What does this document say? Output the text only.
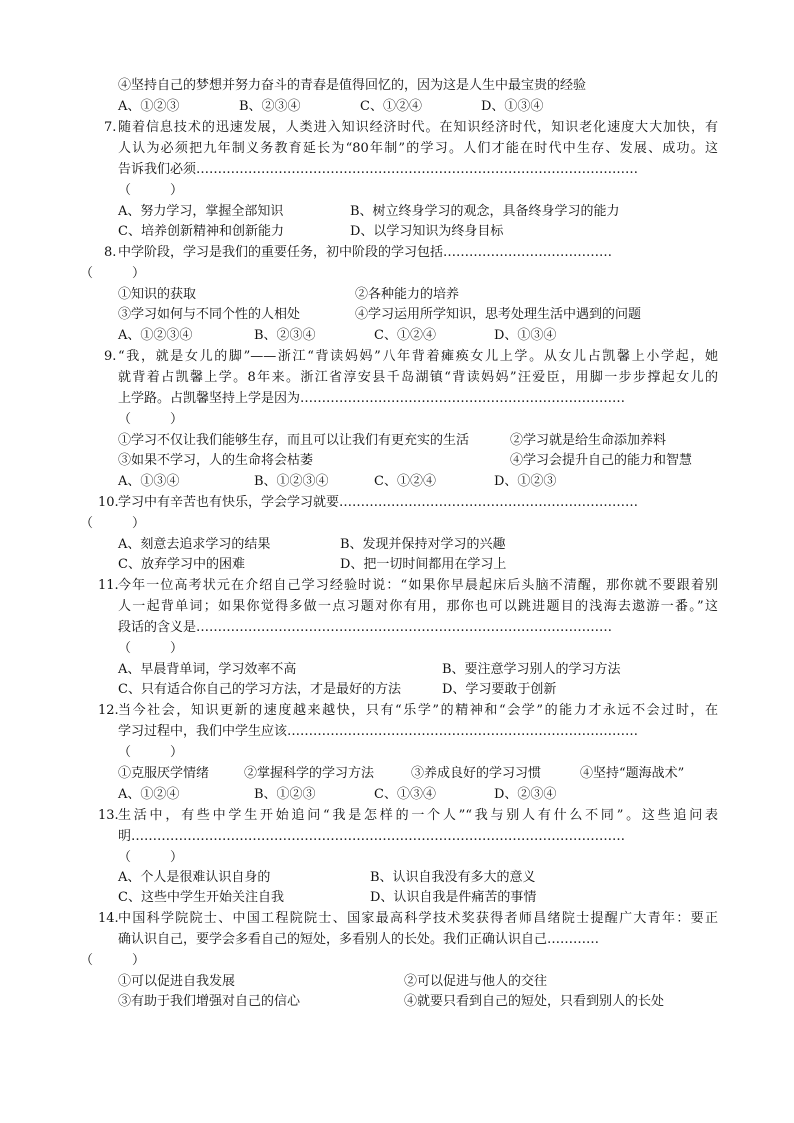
④坚持自己的梦想并努力奋斗的青春是值得回忆的，因为这是人生中最宝贵的经验
A、①②③	B、②③④	C、①②④	D、①③④
7. 随着信息技术的迅速发展，人类进入知识经济时代。在知识经济时代，知识老化速度大大加快，有
人认为必须把九年制义务教育延长为“80年制”的学习。人们才能在时代中生存、发展、成功。这
告诉我们必须…………………………………………………………………………………………
（　　　）
A、努力学习，掌握全部知识	B、树立终身学习的观念，具备终身学习的能力
C、培养创新精神和创新能力	D、以学习知识为终身目标
8. 中学阶段，学习是我们的重要任务，初中阶段的学习包括…………………………………
（　　　）
①知识的获取	②各种能力的培养
③学习如何与不同个性的人相处	④学习运用所学知识，思考处理生活中遇到的问题
A、①②③④	B、②③④	C、①②④	D、①③④
9. “我，就是女儿的脚”——浙江“背读妈妈”八年背着瘫痪女儿上学。从女儿占凯馨上小学起，她
就背着占凯馨上学。8年来。浙江省淳安县千岛湖镇“背读妈妈”汪爱臣，用脚一步步撑起女儿的
上学路。占凯馨坚持上学是因为…………………………………………………………………
（　　　）
①学习不仅让我们能够生存，而且可以让我们有更充实的生活	②学习就是给生命添加养料
③如果不学习，人的生命将会枯萎	④学习会提升自己的能力和智慧
A、①③④	B、①②③④	C、①②④	D、①②③
10. 学习中有辛苦也有快乐，学会学习就要……………………………………………………………
（　　　）
A、刻意去追求学习的结果	B、发现并保持对学习的兴趣
C、放弃学习中的困难	D、把一切时间都用在学习上
11. 今年一位高考状元在介绍自己学习经验时说：“如果你早晨起床后头脑不清醒，那你就不要跟着别
人一起背单词；如果你觉得多做一点习题对你有用，那你也可以跳进题目的浅海去遨游一番。”这
段话的含义是……………………………………………………………………………………
（　　　）
A、早晨背单词，学习效率不高	B、要注意学习别人的学习方法
C、只有适合你自己的学习方法，才是最好的方法	D、学习要敢于创新
12. 当今社会，知识更新的速度越来越快，只有“乐学”的精神和“会学”的能力才永远不会过时，在
学习过程中，我们中学生应该………………………………………………………………………
（　　　）
①克服厌学情绪	②掌握科学的学习方法	③养成良好的学习习惯	④坚持“题海战术”
A、①②④	B、①②③	C、①③④	D、②③④
13. 生活中，有些中学生开始追问“我是怎样的一个人”“我与别人有什么不同”。这些追问表
明……………………………………………………………………………………………………
（　　　）
A、个人是很难认识自身的	B、认识自我没有多大的意义
C、这些中学生开始关注自我	D、认识自我是件痛苦的事情
14. 中国科学院院士、中国工程院院士、国家最高科学技术奖获得者师昌绪院士提醒广大青年：要正
确认识自己，要学会多看自己的短处，多看别人的长处。我们正确认识自己…………
（　　　）
①可以促进自我发展	②可以促进与他人的交往
③有助于我们增强对自己的信心	④就要只看到自己的短处，只看到别人的长处
